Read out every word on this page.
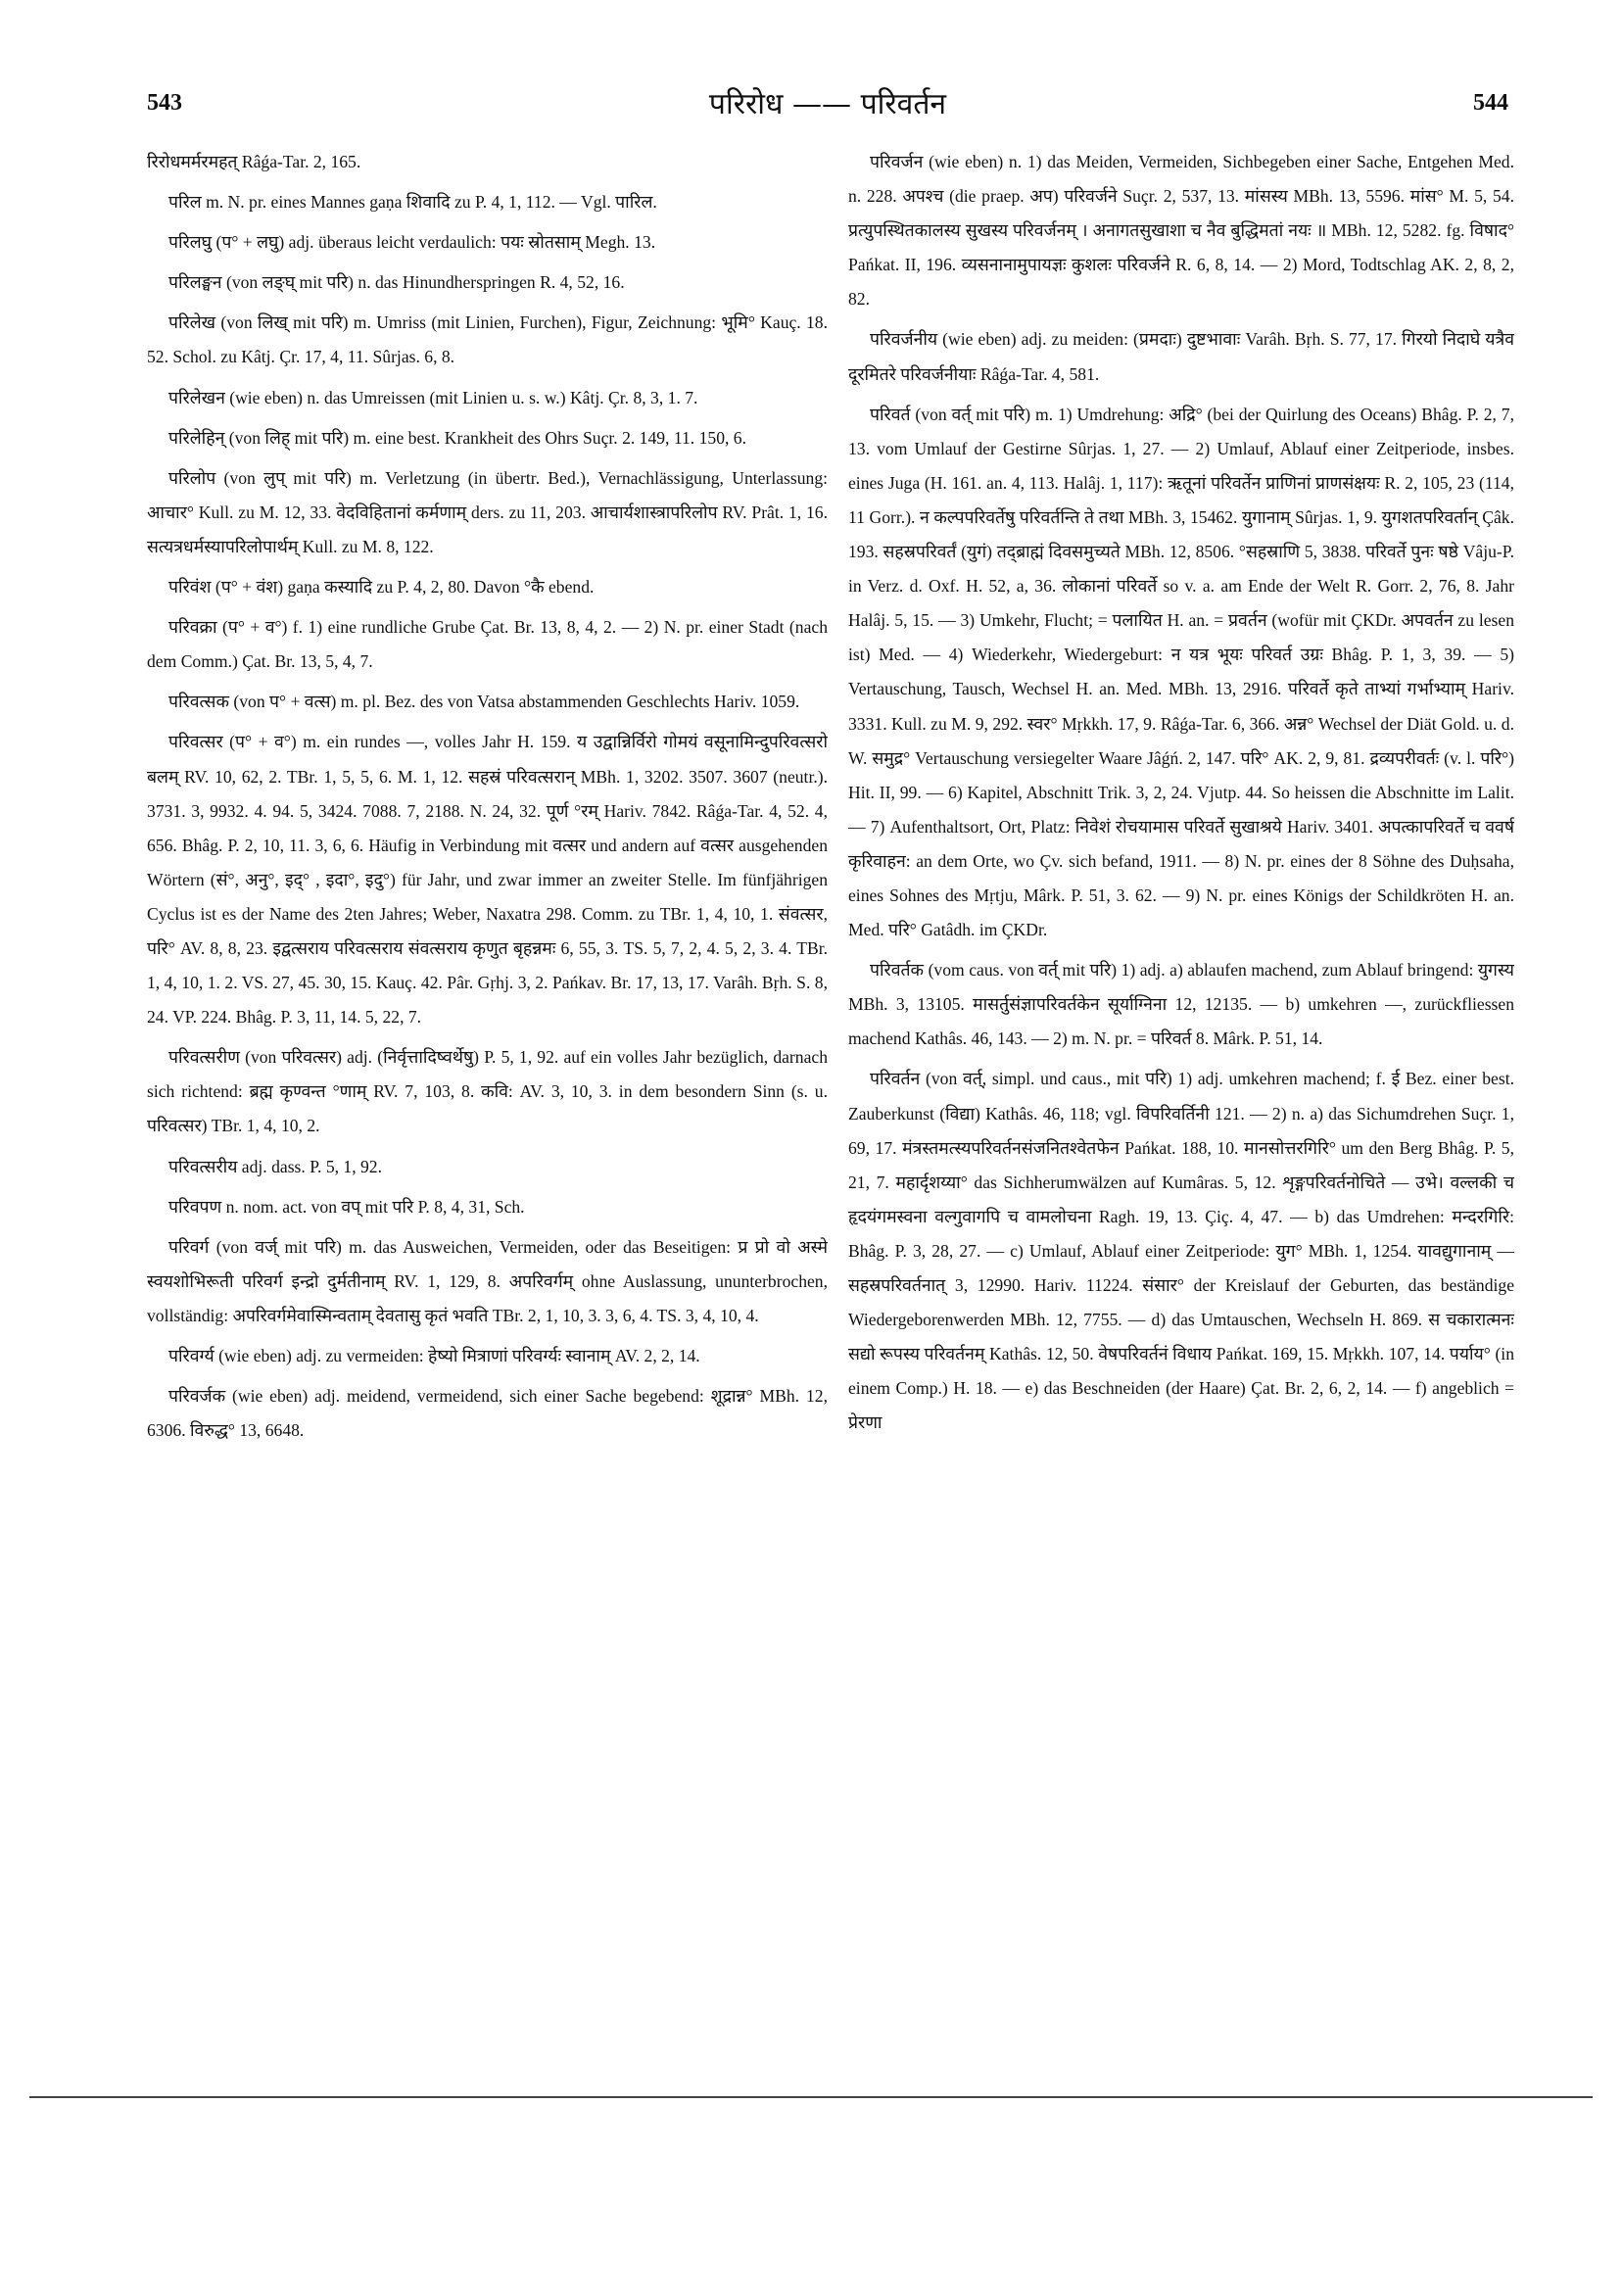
543	परिरोध —— परिवर्तन	544

रिरोधमर्मरमहत् Râǵa-Tar. 2, 165.

परिल m. N. pr. eines Mannes gaṇa शिवादि zu P. 4, 1, 112. — Vgl. पारिल.

परिलघु (प° + लघु) adj. überaus leicht verdaulich: पयः स्रोतसाम् Megh. 13.

परिलङ्घन (von लङ्घ् mit परि) n. das Hinundherspringen R. 4, 52, 16.

परिलेख (von लिख् mit परि) m. Umriss (mit Linien, Furchen), Figur, Zeichnung: भूमि° Kauç. 18. 52. Schol. zu Kâtj. Çr. 17, 4, 11. Sûrjas. 6, 8.

परिलेखन (wie eben) n. das Umreissen (mit Linien u. s. w.) Kâtj. Çr. 8, 3, 1. 7.

परिलेहिन् (von लिह् mit परि) m. eine best. Krankheit des Ohrs Suçr. 2. 149, 11. 150, 6.

परिलोप (von लुप् mit परि) m. Verletzung (in übertr. Bed.), Vernachlässigung, Unterlassung: आचार° Kull. zu M. 12, 33. वेदविहितानां कर्मणाम् ders. zu 11, 203. आचार्यशास्त्रापरिलोप RV. Prât. 1, 16. सत्यत्रधर्मस्यापरिलोपार्थम् Kull. zu M. 8, 122.

परिवंश (प° + वंश) gaṇa कस्यादि zu P. 4, 2, 80. Davon °कै ebend.

परिवक्रा (प° + व°) f. 1) eine rundliche Grube Çat. Br. 13, 8, 4, 2. — 2) N. pr. einer Stadt (nach dem Comm.) Çat. Br. 13, 5, 4, 7.

परिवत्सक (von प° + वत्स) m. pl. Bez. des von Vatsa abstammenden Geschlechts Hariv. 1059.

परिवत्सर (प° + व°) m. ein rundes —, volles Jahr H. 159. य उद्वान्निर्विरो गोमयं वसूनामिन्दुपरिवत्सरो बलम् RV. 10, 62, 2. TBr. 1, 5, 5, 6. M. 1, 12. सहस्रं परिवत्सरान् MBh. 1, 3202. 3507. 3607 (neutr.). 3731. 3, 9932. 4. 94. 5, 3424. 7088. 7, 2188. N. 24, 32. पूर्ण °रम् Hariv. 7842. Râǵa-Tar. 4, 52. 4, 656. Bhâg. P. 2, 10, 11. 3, 6, 6. Häufig in Verbindung mit वत्सर und andern auf वत्सर ausgehenden Wörtern (सं°, अनु°, इद्° , इदा°, इदु°) für Jahr, und zwar immer an zweiter Stelle. Im fünfjährigen Cyclus ist es der Name des 2ten Jahres; Weber, Naxatra 298. Comm. zu TBr. 1, 4, 10, 1. संवत्सर, परि° AV. 8, 8, 23. इद्वत्सराय परिवत्सराय संवत्सराय कृणुत बृहन्नमः 6, 55, 3. TS. 5, 7, 2, 4. 5, 2, 3. 4. TBr. 1, 4, 10, 1. 2. VS. 27, 45. 30, 15. Kauç. 42. Pâr. Gṛhj. 3, 2. Pańkav. Br. 17, 13, 17. Varâh. Bṛh. S. 8, 24. VP. 224. Bhâg. P. 3, 11, 14. 5, 22, 7.

परिवत्सरीण (von परिवत्सर) adj. (निर्वृत्तादिष्वर्थेषु) P. 5, 1, 92. auf ein volles Jahr bezüglich, darnach sich richtend: ब्रह्म कृण्वन्त °णाम् RV. 7, 103, 8. कवि: AV. 3, 10, 3. in dem besondern Sinn (s. u. परिवत्सर) TBr. 1, 4, 10, 2.

परिवत्सरीय adj. dass. P. 5, 1, 92.

परिवपण n. nom. act. von वप् mit परि P. 8, 4, 31, Sch.

परिवर्ग (von वर्ज् mit परि) m. das Ausweichen, Vermeiden, oder das Beseitigen: प्र प्रो वो अस्मे स्वयशोभिरूती परिवर्ग इन्द्रो दुर्मतीनाम् RV. 1, 129, 8. अपरिवर्गम् ohne Auslassung, ununterbrochen, vollständig: अपरिवर्गमेवास्मिन्वताम् देवतासु कृतं भवति TBr. 2, 1, 10, 3. 3, 6, 4. TS. 3, 4, 10, 4.

परिवर्ग्य (wie eben) adj. zu vermeiden: हेष्यो मित्राणां परिवर्ग्यः स्वानाम् AV. 2, 2, 14.

परिवर्जक (wie eben) adj. meidend, vermeidend, sich einer Sache begebend: शूद्रान्न° MBh. 12, 6306. विरुद्ध° 13, 6648.

परिवर्जन (wie eben) n. 1) das Meiden, Vermeiden, Sichbegeben einer Sache, Entgehen Med. n. 228. अपश्च (die praep. अप) परिवर्जने Suçr. 2, 537, 13. मांसस्य MBh. 13, 5596. मांस° M. 5, 54. प्रत्युपस्थितकालस्य सुखस्य परिवर्जनम् । अनागतसुखाशा च नैव बुद्धिमतां नयः ॥ MBh. 12, 5282. fg. विषाद° Pańkat. II, 196. व्यसनानामुपायज्ञः कुशलः परिवर्जने R. 6, 8, 14. — 2) Mord, Todtschlag AK. 2, 8, 2, 82.

परिवर्जनीय (wie eben) adj. zu meiden: (प्रमदाः) दुष्टभावाः Varâh. Bṛh. S. 77, 17. गिरयो निदाघे यत्रैव दूरमितरे परिवर्जनीयाः Râǵa-Tar. 4, 581.

परिवर्त (von वर्त् mit परि) m. 1) Umdrehung: अद्रि° (bei der Quirlung des Oceans) Bhâg. P. 2, 7, 13. vom Umlauf der Gestirne Sûrjas. 1, 27. — 2) Umlauf, Ablauf einer Zeitperiode, insbes. eines Juga (H. 161. an. 4, 113. Halâj. 1, 117): ऋतूनां परिवर्तेन प्राणिनां प्राणसंक्षयः R. 2, 105, 23 (114, 11 Gorr.). न कल्पपरिवर्तेषु परिवर्तन्ति ते तथा MBh. 3, 15462. युगानाम् Sûrjas. 1, 9. युगशतपरिवर्तान् Çâk. 193. सहस्रपरिवर्तं (युगं) तद्ब्राह्मं दिवसमुच्यते MBh. 12, 8506. °सहस्राणि 5, 3838. परिवर्ते पुनः षष्ठे Vâju-P. in Verz. d. Oxf. H. 52, a, 36. लोकानां परिवर्ते so v. a. am Ende der Welt R. Gorr. 2, 76, 8. Jahr Halâj. 5, 15. — 3) Umkehr, Flucht; = पलायित H. an. = प्रवर्तन (wofür mit ÇKDr. अपवर्तन zu lesen ist) Med. — 4) Wiederkehr, Wiedergeburt: न यत्र भूयः परिवर्त उग्रः Bhâg. P. 1, 3, 39. — 5) Vertauschung, Tausch, Wechsel H. an. Med. MBh. 13, 2916. परिवर्ते कृते ताभ्यां गर्भाभ्याम् Hariv. 3331. Kull. zu M. 9, 292. स्वर° Mṛkkh. 17, 9. Râǵa-Tar. 6, 366. अन्न° Wechsel der Diät Gold. u. d. W. समुद्र° Vertauschung versiegelter Waare Jâǵń. 2, 147. परि° AK. 2, 9, 81. द्रव्यपरीवर्तः (v. l. परि°) Hit. II, 99. — 6) Kapitel, Abschnitt Trik. 3, 2, 24. Vjutp. 44. So heissen die Abschnitte im Lalit. — 7) Aufenthaltsort, Ort, Platz: निवेशं रोचयामास परिवर्ते सुखाश्रये Hariv. 3401. अपत्कापरिवर्ते च ववर्ष कृरिवाहन: an dem Orte, wo Çv. sich befand, 1911. — 8) N. pr. eines der 8 Söhne des Duḥsaha, eines Sohnes des Mṛtju, Mârk. P. 51, 3. 62. — 9) N. pr. eines Königs der Schildkröten H. an. Med. परि° Gatâdh. im ÇKDr.

परिवर्तक (vom caus. von वर्त् mit परि) 1) adj. a) ablaufen machend, zum Ablauf bringend: युगस्य MBh. 3, 13105. मासर्तुसंज्ञापरिवर्तकेन सूर्याग्निना 12, 12135. — b) umkehren —, zurückfliessen machend Kathâs. 46, 143. — 2) m. N. pr. = परिवर्त 8. Mârk. P. 51, 14.

परिवर्तन (von वर्त्, simpl. und caus., mit परि) 1) adj. umkehren machend; f. ई Bez. einer best. Zauberkunst (विद्या) Kathâs. 46, 118; vgl. विपरिवर्तिनी 121. — 2) n. a) das Sichumdrehen Suçr. 1, 69, 17. मंत्रस्तमत्स्यपरिवर्तनसंजनितश्वेतफेन Pańkat. 188, 10. मानसोत्तरगिरि° um den Berg Bhâg. P. 5, 21, 7. महार्दृशय्या° das Sichherumwälzen auf Kumâras. 5, 12. शृङ्गपरिवर्तनोचिते — उभे। वल्लकी च हृदयंगमस्वना वल्गुवागपि च वामलोचना Ragh. 19, 13. Çiç. 4, 47. — b) das Umdrehen: मन्दरगिरि: Bhâg. P. 3, 28, 27. — c) Umlauf, Ablauf einer Zeitperiode: युग° MBh. 1, 1254. यावद्युगानाम् — सहस्रपरिवर्तनात् 3, 12990. Hariv. 11224. संसार° der Kreislauf der Geburten, das beständige Wiedergeborenwerden MBh. 12, 7755. — d) das Umtauschen, Wechseln H. 869. स चकारात्मनः सद्यो रूपस्य परिवर्तनम् Kathâs. 12, 50. वेषपरिवर्तनं विधाय Pańkat. 169, 15. Mṛkkh. 107, 14. पर्याय° (in einem Comp.) H. 18. — e) das Beschneiden (der Haare) Çat. Br. 2, 6, 2, 14. — f) angeblich = प्रेरणा
